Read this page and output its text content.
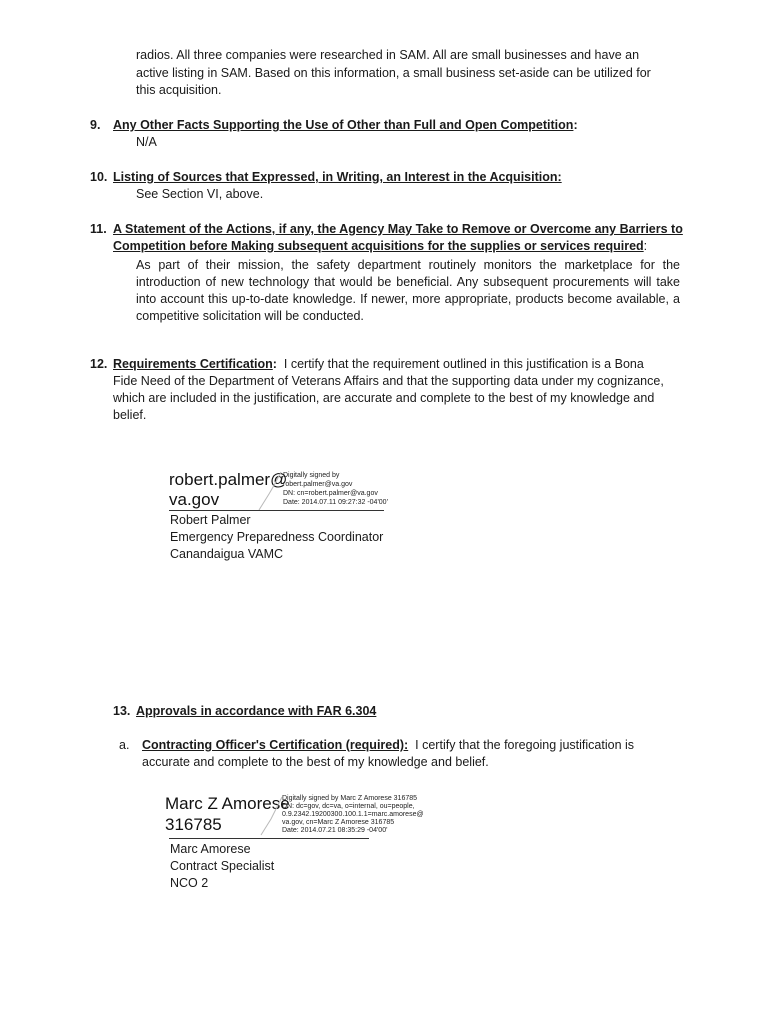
radios. All three companies were researched in SAM. All are small businesses and have an
active listing in SAM. Based on this information, a small business set-aside can be utilized for
this acquisition.
9. Any Other Facts Supporting the Use of Other than Full and Open Competition:
N/A
10. Listing of Sources that Expressed, in Writing, an Interest in the Acquisition:
See Section VI, above.
11. A Statement of the Actions, if any, the Agency May Take to Remove or Overcome any Barriers to
Competition before Making subsequent acquisitions for the supplies or services required:
As part of their mission, the safety department routinely monitors the marketplace for the introduction of new technology that would be beneficial. Any subsequent procurements will take into account this up-to-date knowledge. If newer, more appropriate, products become available, a competitive solicitation will be conducted.
12. Requirements Certification: I certify that the requirement outlined in this justification is a Bona
Fide Need of the Department of Veterans Affairs and that the supporting data under my cognizance,
which are included in the justification, are accurate and complete to the best of my knowledge and
belief.
robert.palmer@
va.gov
Digitally signed by
robert.palmer@va.gov
DN: cn=robert.palmer@va.gov
Date: 2014.07.11 09:27:32 -04'00'
Robert Palmer
Emergency Preparedness Coordinator
Canandaigua VAMC
13. Approvals in accordance with FAR 6.304
a. Contracting Officer's Certification (required): I certify that the foregoing justification is
accurate and complete to the best of my knowledge and belief.
Marc Z Amorese
316785
Digitally signed by Marc Z Amorese 316785
DN: dc=gov, dc=va, o=internal, ou=people,
0.9.2342.19200300.100.1.1=marc.amorese@
va.gov, cn=Marc Z Amorese 316785
Date: 2014.07.21 08:35:29 -04'00'
Marc Amorese
Contract Specialist
NCO 2
